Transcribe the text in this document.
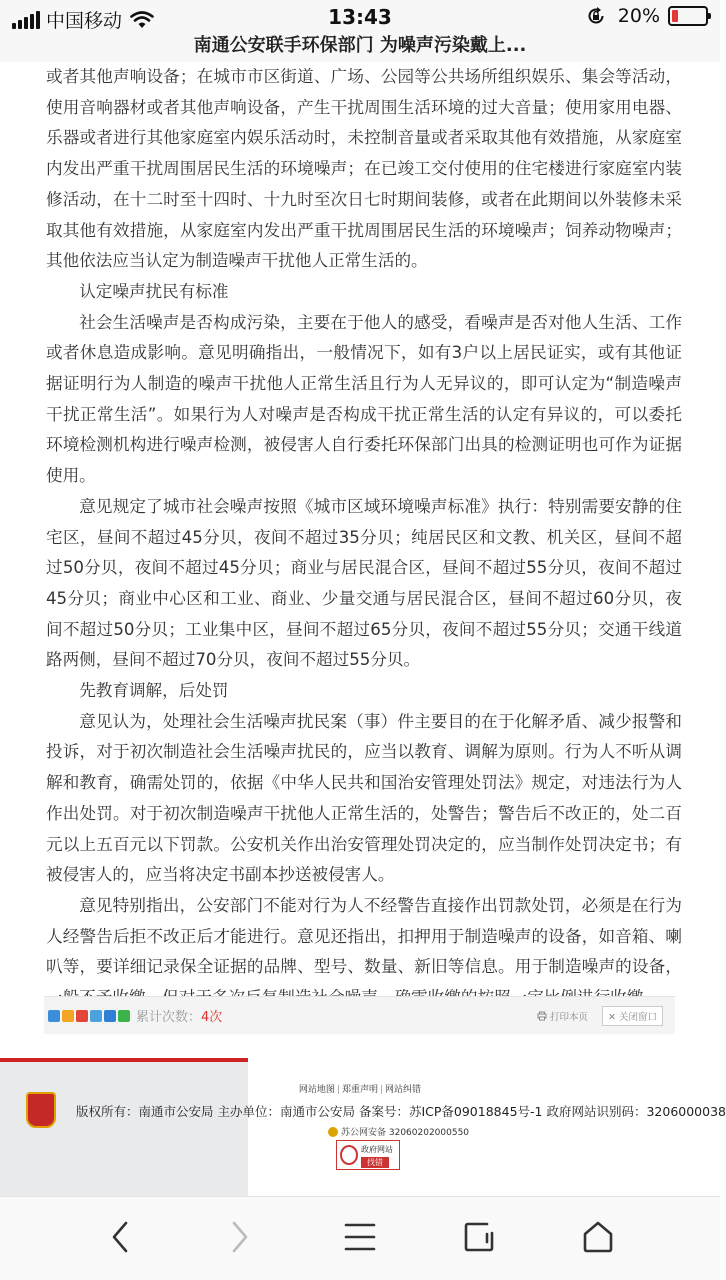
中国移动	13:43	20%
南通公安联手环保部门 为噪声污染戴上...

或者其他声响设备；在城市市区街道、广场、公园等公共场所组织娱乐、集会等活动，使用音响器材或者其他声响设备，产生干扰周围生活环境的过大音量；使用家用电器、乐器或者进行其他家庭室内娱乐活动时，未控制音量或者采取其他有效措施，从家庭室内发出严重干扰周围居民生活的环境噪声；在已竣工交付使用的住宅楼进行家庭室内装修活动，在十二时至十四时、十九时至次日七时期间装修，或者在此期间以外装修未采取其他有效措施，从家庭室内发出严重干扰周围居民生活的环境噪声；饲养动物噪声；其他依法应当认定为制造噪声干扰他人正常生活的。

认定噪声扰民有标准

社会生活噪声是否构成污染，主要在于他人的感受，看噪声是否对他人生活、工作或者休息造成影响。意见明确指出，一般情况下，如有3户以上居民证实，或有其他证据证明行为人制造的噪声干扰他人正常生活且行为人无异议的，即可认定为“制造噪声干扰正常生活”。如果行为人对噪声是否构成干扰正常生活的认定有异议的，可以委托环境检测机构进行噪声检测，被侵害人自行委托环保部门出具的检测证明也可作为证据使用。

意见规定了城市社会噪声按照《城市区域环境噪声标准》执行：特别需要安静的住宅区，昼间不超过45分贝，夜间不超过35分贝；纯居民区和文教、机关区，昼间不超过50分贝，夜间不超过45分贝；商业与居民混合区，昼间不超过55分贝，夜间不超过45分贝；商业中心区和工业、商业、少量交通与居民混合区，昼间不超过60分贝，夜间不超过50分贝；工业集中区，昼间不超过65分贝，夜间不超过55分贝；交通干线道路两侧，昼间不超过70分贝，夜间不超过55分贝。

先教育调解，后处罚

意见认为，处理社会生活噪声扰民案（事）件主要目的在于化解矛盾、减少报警和投诉，对于初次制造社会生活噪声扰民的，应当以教育、调解为原则。行为人不听从调解和教育，确需处罚的，依据《中华人民共和国治安管理处罚法》规定，对违法行为人作出处罚。对于初次制造噪声干扰他人正常生活的，处警告；警告后不改正的，处二百元以上五百元以下罚款。公安机关作出治安管理处罚决定的，应当制作处罚决定书；有被侵害人的，应当将决定书副本抄送被侵害人。

意见特别指出，公安部门不能对行为人不经警告直接作出罚款处罚，必须是在行为人经警告后拒不改正后才能进行。意见还指出，扣押用于制造噪声的设备，如音箱、喇叭等，要详细记录保全证据的品牌、型号、数量、新旧等信息。用于制造噪声的设备，

累计次数：4次	打印本页	✕ 关闭窗口
网站地图 | 郑重声明 | 网站纠错
版权所有：南通市公安局 主办单位：南通市公安局 备案号：苏ICP备09018845号-1 政府网站识别码：3206000038
苏公网安备 32060202000550
政府网站
找错
